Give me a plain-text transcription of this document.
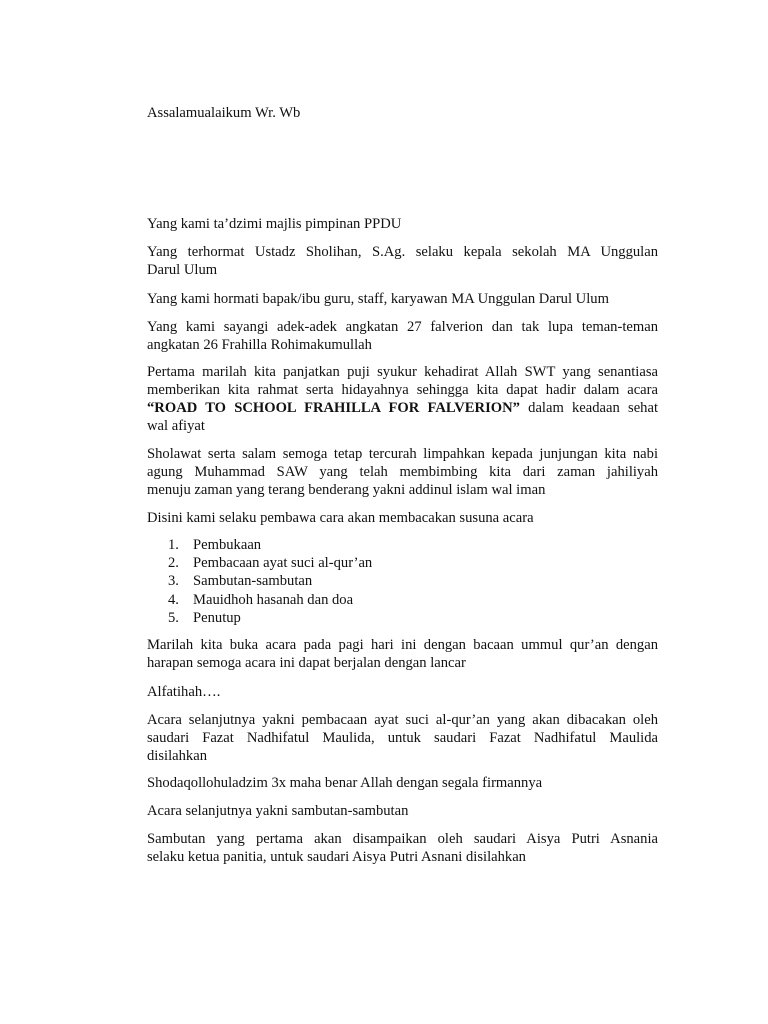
Assalamualaikum Wr. Wb

Yang kami ta’dzimi majlis pimpinan PPDU

Yang terhormat Ustadz Sholihan, S.Ag. selaku kepala sekolah MA Unggulan
Darul Ulum

Yang kami hormati bapak/ibu guru, staff, karyawan MA Unggulan Darul Ulum

Yang kami sayangi adek-adek angkatan 27 falverion dan tak lupa teman-teman
angkatan 26 Frahilla Rohimakumullah

Pertama marilah kita panjatkan puji syukur kehadirat Allah SWT yang senantiasa
memberikan kita rahmat serta hidayahnya sehingga kita dapat hadir dalam acara
“ROAD TO SCHOOL FRAHILLA FOR FALVERION” dalam keadaan sehat
wal afiyat

Sholawat serta salam semoga tetap tercurah limpahkan kepada junjungan kita nabi
agung Muhammad SAW yang telah membimbing kita dari zaman jahiliyah
menuju zaman yang terang benderang yakni addinul islam wal iman

Disini kami selaku pembawa cara akan membacakan susuna acara

1. Pembukaan
2. Pembacaan ayat suci al-qur’an
3. Sambutan-sambutan
4. Mauidhoh hasanah dan doa
5. Penutup

Marilah kita buka acara pada pagi hari ini dengan bacaan ummul qur’an dengan
harapan semoga acara ini dapat berjalan dengan lancar

Alfatihah….

Acara selanjutnya yakni pembacaan ayat suci al-qur’an yang akan dibacakan oleh
saudari Fazat Nadhifatul Maulida, untuk saudari Fazat Nadhifatul Maulida
disilahkan

Shodaqollohuladzim 3x maha benar Allah dengan segala firmannya

Acara selanjutnya yakni sambutan-sambutan

Sambutan yang pertama akan disampaikan oleh saudari Aisya Putri Asnania
selaku ketua panitia, untuk saudari Aisya Putri Asnani disilahkan
